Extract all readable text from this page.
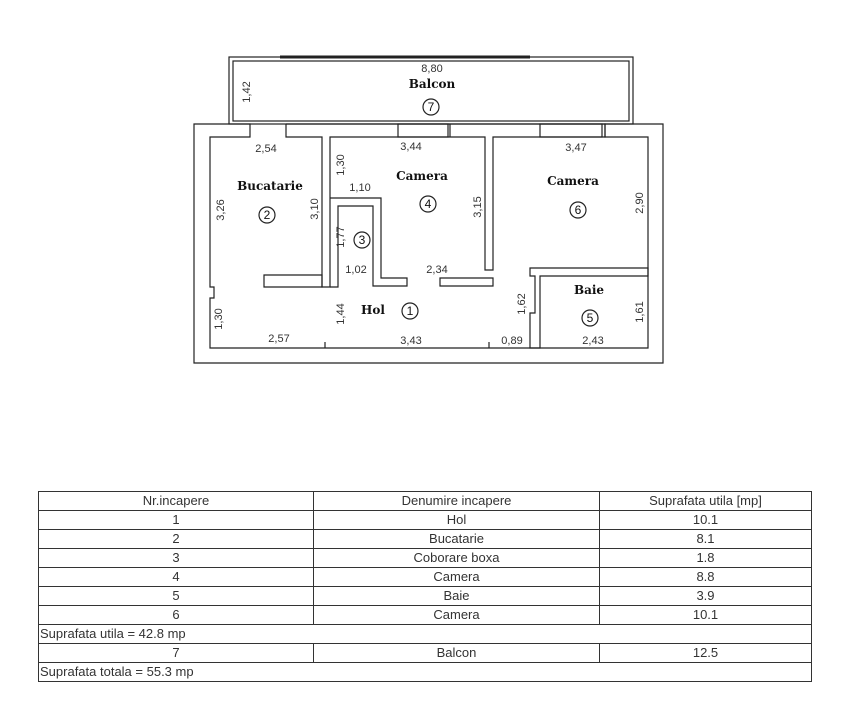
Balcon
7
Bucatarie
2
Camera
4
Camera
6
3
Hol 1
Baie
5
8,80
1,42
2,54	3,44	3,47
1,30
1,10
3,26	3,10	3,15	2,90
1,77
1,02	2,34
1,30	1,44	1,62	1,61
2,57	3,43	0,89	2,43
Nr.incapere	Denumire incapere	Suprafata utila [mp]
1	Hol	10.1
2	Bucatarie	8.1
3	Coborare boxa	1.8
4	Camera	8.8
5	Baie	3.9
6	Camera	10.1
Suprafata utila = 42.8 mp		
7	Balcon	12.5
Suprafata totala = 55.3 mp		
